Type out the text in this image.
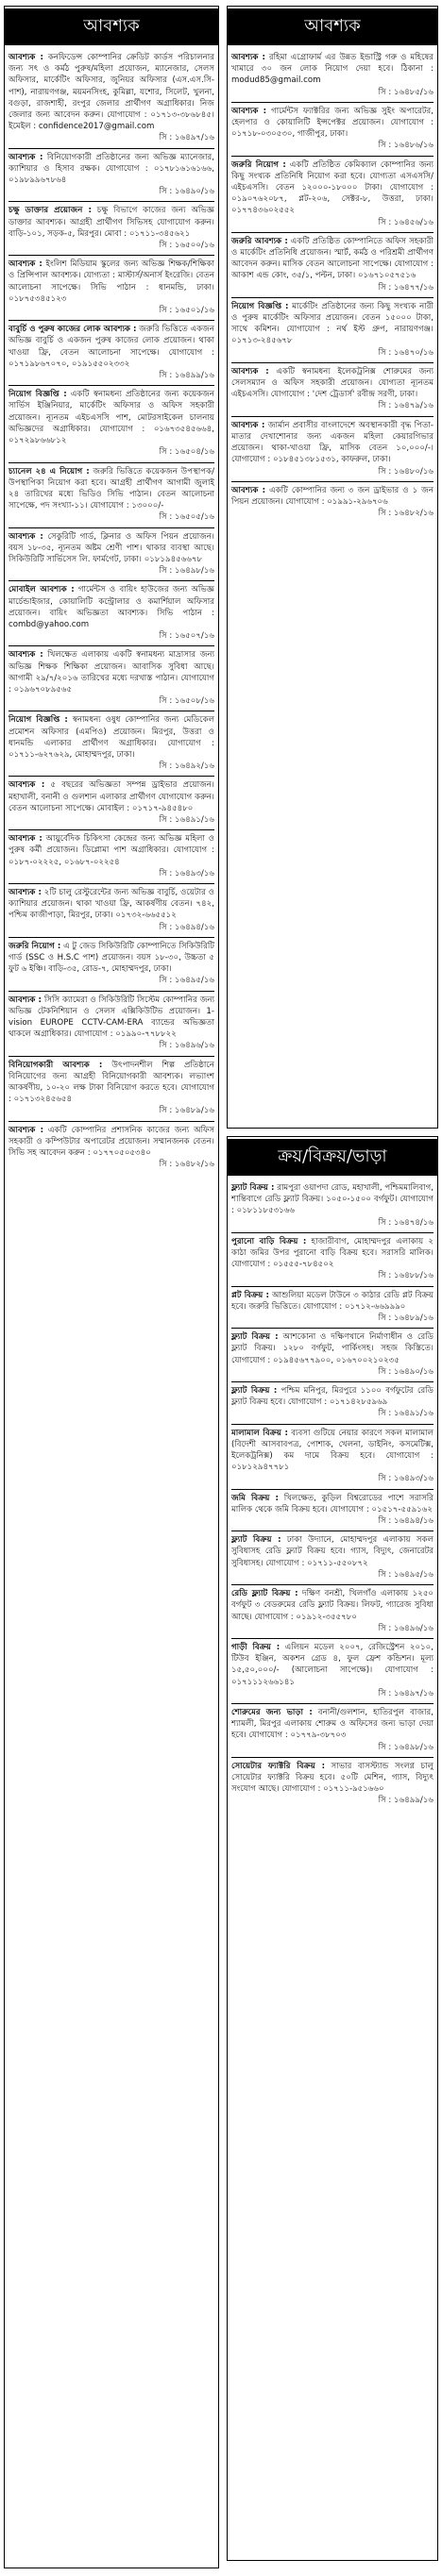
আবশ্যক
আবশ্যক : কনফিডেন্স কোম্পানির ক্রেডিট কার্ডস পরিচালনার জন্য সৎ ও কর্মঠ পুরুষ/মহিলা প্রয়োজন, ম্যানেজার, সেলস অফিসার, মার্কেটিং অফিসার, জুনিয়র অফিসার (এস.এস.সি-পাশ), নারায়ণগঞ্জ, ময়মনসিংহ, কুমিল্লা, যশোর, সিলেট, খুলনা, বগুড়া, রাজশাহী, রংপুর জেলার প্রার্থীগণ অগ্রাধিকার। নিজ জেলার জন্য আবেদন করুন। যোগাযোগ : ০১৭১৩-৩৮৬৮৪৫। ইমেইল : confidence2017@gmail.com
সি : ১৬৪৯৭/১৬
আবশ্যক : বিনিয়োগকারী প্রতিষ্ঠানের জন্য অভিজ্ঞ ম্যানেজার, ক্যাশিয়ার ও হিসাব রক্ষক। যোগাযোগ : ০১৭৮১৬১৬১৬৬, ০১৯৮৯৯৬৭৮৬৪
সি : ১৬৪৯০/১৬
চক্ষু ডাক্তার প্রয়োজন : চক্ষু বিভাগে কাজের জন্য অভিজ্ঞ ডাক্তার আবশ্যক। আগ্রহী প্রার্থীগণ সিভিসহ যোগাযোগ করুন। বাড়ি-১০১, সড়ক-৫, মিরপুর। মোবা : ০১৭১১-৩৪৫৬২১
সি : ১৬৫০০/১৬
আবশ্যক : ইংলিশ মিডিয়াম স্কুলের জন্য অভিজ্ঞ শিক্ষক/শিক্ষিকা ও প্রিন্সিপাল আবশ্যক। যোগ্যতা : মাস্টার্স/অনার্স ইংরেজি। বেতন আলোচনা সাপেক্ষে। সিভি পাঠান : ধানমন্ডি, ঢাকা। ০১৮৭৫৩৪৫১২৩
সি : ১৬৫০১/১৬
বাবুর্চি ও পুরুষ কাজের লোক আবশ্যক : জরুরি ভিত্তিতে একজন অভিজ্ঞ বাবুর্চি ও একজন পুরুষ কাজের লোক প্রয়োজন। থাকা খাওয়া ফ্রি, বেতন আলোচনা সাপেক্ষে। যোগাযোগ : ০১৭১৯৮৬৭০৭০, ০১৯১৫৫০২৩৩২
সি : ১৬৪৯৯/১৬
নিয়োগ বিজ্ঞপ্তি : একটি স্বনামধন্য প্রতিষ্ঠানের জন্য কয়েকজন সার্ভিস ইঞ্জিনিয়ার, মার্কেটিং অফিসার ও অফিস সহকারী প্রয়োজন। ন্যূনতম এইচএসসি পাশ, মোটরসাইকেল চালনায় অভিজ্ঞদের অগ্রাধিকার। যোগাযোগ : ০১৬৭৩৫৪৫৬৬৪, ০১৭২৯৮৬৬৮১২
সি : ১৬৫০৪/১৬
চ্যানেল ২৪ এ নিয়োগ : জরুরি ভিত্তিতে কয়েকজন উপস্থাপক/উপস্থাপিকা নিয়োগ করা হবে। আগ্রহী প্রার্থীগণ আগামী জুলাই ২৪ তারিখের মধ্যে ভিডিও সিভি পাঠান। বেতন আলোচনা সাপেক্ষে, পদ সংখ্যা-১১। যোগাযোগ : ১৩০০০/-
সি : ১৬৫০৫/১৬
আবশ্যক : সেকুরিটি গার্ড, ক্লিনার ও অফিস পিয়ন প্রয়োজন। বয়স ১৮-৩৫, ন্যূনতম অষ্টম শ্রেণী পাশ। থাকার ব্যবস্থা আছে। সিকিউরিটি সার্ভিসেস লি. ফার্মগেট, ঢাকা। ০১৮১৯৪৫৬৬৭৮
সি : ১৬৪৯৮/১৬
মোবাইল আবশ্যক : গার্মেন্টস ও বায়িং হাউজের জন্য অভিজ্ঞ মার্চেন্ডাইজার, কোয়ালিটি কন্ট্রোলার ও কমার্শিয়াল অফিসার প্রয়োজন। বায়িং অভিজ্ঞতা আবশ্যক। সিভি পাঠান : combd@yahoo.com
সি : ১৬৫০৭/১৬
আবশ্যক : খিলক্ষেত এলাকায় একটি স্বনামধন্য মাদ্রাসার জন্য অভিজ্ঞ শিক্ষক শিক্ষিকা প্রয়োজন। আবাসিক সুবিধা আছে। আগামী ২৯/৭/২০১৬ তারিখের মধ্যে দরখাস্ত পাঠান। যোগাযোগ : ০১৯৬৭০৮৯৫৬৫
সি : ১৬৫০৮/১৬
নিয়োগ বিজ্ঞপ্তি : স্বনামধন্য ওষুধ কোম্পানির জন্য মেডিকেল প্রমোশন অফিসার (এমপিও) প্রয়োজন। মিরপুর, উত্তরা ও ধানমন্ডি এলাকার প্রার্থীগণ অগ্রাধিকার। যোগাযোগ : ০১৭১১-৬২৭৬২৯, মোহাম্মদপুর, ঢাকা।
সি : ১৬৪৯২/১৬
আবশ্যক : ৫ বছরের অভিজ্ঞতা সম্পন্ন ড্রাইভার প্রয়োজন। মহাখালী, বনানী ও গুলশান এলাকার প্রার্থীগণ যোগাযোগ করুন। বেতন আলোচনা সাপেক্ষে। মোবাইল : ০১৭১৭-৯৪৫৪৮০
সি : ১৬৪৯১/১৬
আবশ্যক : আয়ুর্বেদিক চিকিৎসা কেন্দ্রের জন্য অভিজ্ঞ মহিলা ও পুরুষ কর্মী প্রয়োজন। ডিপ্লোমা পাশ অগ্রাধিকার। যোগাযোগ : ০১৮৭-০২২২৫, ০১৬৮৭-০২২৫৪
সি : ১৬৪৯৩/১৬
আবশ্যক : ২টি চালু রেস্টুরেন্টের জন্য অভিজ্ঞ বাবুর্চি, ওয়েটার ও ক্যাশিয়ার প্রয়োজন। থাকা খাওয়া ফ্রি, আকর্ষণীয় বেতন। ৭৪২, পশ্চিম কাজীপাড়া, মিরপুর, ঢাকা। ০১৭৩২-৬৬৫৫১২
সি : ১৬৪৯৪/১৬
জরুরি নিয়োগ : এ টু জেড সিকিউরিটি কোম্পানিতে সিকিউরিটি গার্ড (SSC ও H.S.C পাশ) প্রয়োজন। বয়স ১৮-৩০, উচ্চতা ৫ ফুট ৬ ইঞ্চি। বাড়ি-৩৫, রোড-৭, মোহাম্মদপুর, ঢাকা।
সি : ১৬৪৯৫/১৬
আবশ্যক : সিসি ক্যামেরা ও সিকিউরিটি সিস্টেম কোম্পানির জন্য অভিজ্ঞ টেকনিশিয়ান ও সেলস এক্সিকিউটিভ প্রয়োজন। 1-vision EUROPE CCTV-CAM-ERA ব্যান্ডের অভিজ্ঞতা থাকলে অগ্রাধিকার। যোগাযোগ : ০১৯৯০-৭৭৮৮২২
সি : ১৬৪৯৬/১৬
বিনিয়োগকারী আবশ্যক : উৎপাদনশীল শিল্প প্রতিষ্ঠানে বিনিয়োগের জন্য আগ্রহী বিনিয়োগকারী আবশ্যক। লভ্যাংশ আকর্ষণীয়, ১০-২০ লক্ষ টাকা বিনিয়োগ করতে হবে। যোগাযোগ : ০১৭১৩২৪৫৬৫৪
সি : ১৬৪৮৯/১৬
আবশ্যক : একটি কোম্পানির প্রশাসনিক কাজের জন্য অফিস সহকারী ও কম্পিউটার অপারেটর প্রয়োজন। সম্মানজনক বেতন। সিভি সহ আবেদন করুন : ০১৭৭০৫০৫৩৪০
সি : ১৬৪৮২/১৬
আবশ্যক
আবশ্যক : রহিমা এগ্রোফার্ম এর উন্নত ইন্ডাস্ট্রি গরু ও মহিষের খামারে ৩০ জন লোক নিয়োগ দেয়া হবে। ঠিকানা : modud85@gmail.com
সি : ১৬৪৮৫/১৬
আবশ্যক : গার্মেন্টস ফ্যাক্টরির জন্য অভিজ্ঞ সুইং অপারেটর, হেলপার ও কোয়ালিটি ইন্সপেক্টর প্রয়োজন। যোগাযোগ : ০১৭১৮-০৩০৫৩০, গাজীপুর, ঢাকা।
সি : ১৬৪৮৬/১৬
জরুরি নিয়োগ : একটি প্রতিষ্ঠিত কেমিক্যাল কোম্পানির জন্য কিছু সংখ্যক প্রতিনিধি নিয়োগ করা হবে। যোগ্যতা এসএসসি/এইচএসসি। বেতন ১২০০০-১৮০০০ টাকা। যোগাযোগ : ০১৯০৭৬২০৮৭, প্লট-২০৬, সেক্টর-৮, উত্তরা, ঢাকা। ০১৭৭৪৩৬০২৫৫২
সি : ১৬৪৫৬/১৬
জরুরি আবশ্যক : একটি প্রতিষ্ঠিত কোম্পানিতে অফিস সহকারী ও মার্কেটিং প্রতিনিধি প্রয়োজন। স্মার্ট, কর্মঠ ও পরিশ্রমী প্রার্থীগণ আবেদন করুন। মাসিক বেতন আলোচনা সাপেক্ষে। যোগাযোগ : আকাশ এন্ড কোং, ৩৫/১, পল্টন, ঢাকা। ০১৬৭১০৫৭৫১৬
সি : ১৬৪৭৭/১৬
নিয়োগ বিজ্ঞপ্তি : মার্কেটিং প্রতিষ্ঠানের জন্য কিছু সংখ্যক নারী ও পুরুষ মার্কেটিং অফিসার প্রয়োজন। বেতন ১৫০০০ টাকা, সাথে কমিশন। যোগাযোগ : নর্থ ইস্ট গ্রুপ, নারায়ণগঞ্জ। ০১৭১৩-২৪৫৬৭৮
সি : ১৬৪৭০/১৬
আবশ্যক : একটি স্বনামধন্য ইলেকট্রনিক্স শোরুমের জন্য সেলসম্যান ও অফিস সহকারী প্রয়োজন। যোগ্যতা ন্যূনতম এইচএসসি। যোগাযোগ : 'দেশ ট্রেডার্স' রবীন্দ্র সরণী, ঢাকা।
সি : ১৬৪৭৯/১৬
আবশ্যক : জার্মান প্রবাসীর বাংলাদেশে অবস্থানকারী বৃদ্ধ পিতা-মাতার দেখাশোনার জন্য একজন মহিলা কেয়ারগিভার প্রয়োজন। থাকা-খাওয়া ফ্রি, মাসিক বেতন ১০,০০০/-। যোগাযোগ : ০১৮৪৫১৩৮১৫৩১, কাফরুল, ঢাকা।
সি : ১৬৪৮০/১৬
আবশ্যক : একটি কোম্পানির জন্য ৩ জন ড্রাইভার ও ১ জন পিয়ন প্রয়োজন। যোগাযোগ : ০১৯৯১-২৯৬৭০৬
সি : ১৬৪৮২/১৬
ক্রয়/বিক্রয়/ভাড়া
ফ্ল্যাট বিক্রয় : রামপুরা ওয়াপদা রোড, মহাখালী, পশ্চিমমালিবাগ, শান্তিবাগে রেডি ফ্ল্যাট বিক্রয়। ১০৫০-১৫০০ বর্গফুট। যোগাযোগ : ০১৮১১৮৫৩১৬৬
সি : ১৬৪৭৪/১৬
পুরানো বাড়ি বিক্রয় : হাজারীবাগ, মোহাম্মদপুর এলাকায় ২ কাঠা জমির উপর পুরানো বাড়ি বিক্রয় হবে। সরাসরি মালিক। যোগাযোগ : ০১৫৫৫-৭৮৪৫০২
সি : ১৬৪৮৮/১৬
প্লট বিক্রয় : আশুলিয়া মডেল টাউনে ৩ কাঠার রেডি প্লট বিক্রয় হবে। জরুরি ভিত্তিতে। যোগাযোগ : ০১৭১২-৬৬৯৯৯০
সি : ১৬৪৮৯/১৬
ফ্ল্যাট বিক্রয় : আশকোনা ও দক্ষিণখানে নির্মাণাধীন ও রেডি ফ্ল্যাট বিক্রয়। ১২৮০ বর্গফুট, পার্কিংসহ। সহজ কিস্তিতে। যোগাযোগ : ০১৯৪৫৬৭৭৯০০, ০১৬৭০০২১০২৩৫
সি : ১৬৪৯০/১৬
ফ্ল্যাট বিক্রয় : পশ্চিম মনিপুর, মিরপুরে ১১০০ বর্গফুটের রেডি ফ্ল্যাট বিক্রয় হবে। যোগাযোগ : ০১৭১৪২৮৫৯৬৯
সি : ১৬৪৯১/১৬
মালামাল বিক্রয় : ব্যবসা গুটিয়ে নেয়ার কারণে সকল মালামাল (বিদেশী আসবাবপত্র, পোশাক, খেলনা, ডাইনিং, কসমেটিক্স, ইলেকট্রনিক্স) কম দামে বিক্রয় হবে। যোগাযোগ : ০১৮১২৯৪৭৭৮১
সি : ১৬৪৯৩/১৬
জমি বিক্রয় : খিলক্ষেত, কুড়িল বিশ্বরোডের পাশে সরাসরি মালিক থেকে জমি বিক্রয় হবে। যোগাযোগ : ০১৫১৭-৫৫৯১৬২
সি : ১৬৪৯৪/১৬
ফ্ল্যাট বিক্রয় : ঢাকা উদ্যানে, মোহাম্মদপুর এলাকায় সকল সুবিধাসহ রেডি ফ্ল্যাট বিক্রয় হবে। গ্যাস, বিদ্যুৎ, জেনারেটর সুবিধাসহ। যোগাযোগ : ০১৭১১-৫৫০৮৭২
সি : ১৬৪৯৫/১৬
রেডি ফ্ল্যাট বিক্রয় : দক্ষিণ বনশ্রী, খিলগাঁও এলাকায় ১২৫০ বর্গফুট ৩ বেডরুমের রেডি ফ্ল্যাট বিক্রয়। লিফট, গ্যারেজ সুবিধা আছে। যোগাযোগ : ০১৯১২-৩৫৫৭৮০
সি : ১৬৪৯৬/১৬
গাড়ী বিক্রয় : এলিয়ন মডেল ২০০৭, রেজিস্ট্রেশন ২০১০, টিউব ইঞ্জিন, অকশন গ্রেড ৪, ফুল ফ্রেশ কন্ডিশন। মূল্য ১৫,৫০,০০০/- (আলোচনা সাপেক্ষে)। যোগাযোগ : ০১৭১১১২৬৬১৪১
সি : ১৬৪৯৭/১৬
শোরুমের জন্য ভাড়া : বনানী/গুলশান, হাতিরপুল বাজার, শ্যামলী, মিরপুর এলাকায় শোরুম ও অফিসের জন্য ভাড়া দেয়া হবে। যোগাযোগ : ০১৭৭৯-৩৮৭০৩
সি : ১৬৪৯৮/১৬
সোয়েটার ফ্যাক্টরি বিক্রয় : সাভার বাসস্ট্যান্ড সংলগ্ন চালু সোয়েটার ফ্যাক্টরি বিক্রয় হবে। ৫০টি মেশিন, গ্যাস, বিদ্যুৎ সংযোগ আছে। যোগাযোগ : ০১৭১১-৯৫১৬৬০
সি : ১৬৪৯৯/১৬
